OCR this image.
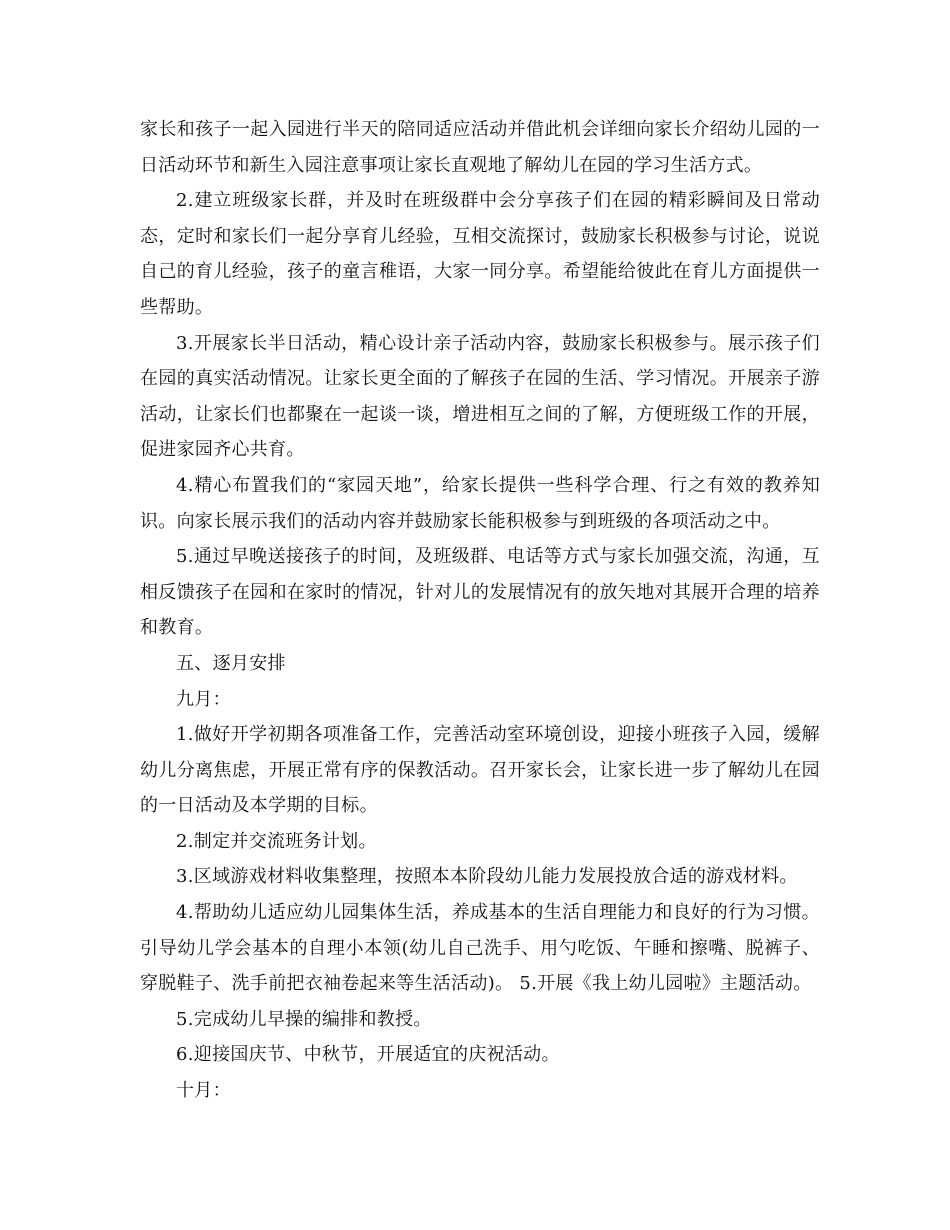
家长和孩子一起入园进行半天的陪同适应活动并借此机会详细向家长介绍幼儿园的一日活动环节和新生入园注意事项让家长直观地了解幼儿在园的学习生活方式。

2.建立班级家长群，并及时在班级群中会分享孩子们在园的精彩瞬间及日常动态，定时和家长们一起分享育儿经验，互相交流探讨，鼓励家长积极参与讨论，说说自己的育儿经验，孩子的童言稚语，大家一同分享。希望能给彼此在育儿方面提供一些帮助。

3.开展家长半日活动，精心设计亲子活动内容，鼓励家长积极参与。展示孩子们在园的真实活动情况。让家长更全面的了解孩子在园的生活、学习情况。开展亲子游活动，让家长们也都聚在一起谈一谈，增进相互之间的了解，方便班级工作的开展，促进家园齐心共育。

4.精心布置我们的“家园天地”，给家长提供一些科学合理、行之有效的教养知识。向家长展示我们的活动内容并鼓励家长能积极参与到班级的各项活动之中。

5.通过早晚送接孩子的时间，及班级群、电话等方式与家长加强交流，沟通，互相反馈孩子在园和在家时的情况，针对儿的发展情况有的放矢地对其展开合理的培养和教育。

五、逐月安排

九月：

1.做好开学初期各项准备工作，完善活动室环境创设，迎接小班孩子入园，缓解幼儿分离焦虑，开展正常有序的保教活动。召开家长会，让家长进一步了解幼儿在园的一日活动及本学期的目标。

2.制定并交流班务计划。

3.区域游戏材料收集整理，按照本本阶段幼儿能力发展投放合适的游戏材料。

4.帮助幼儿适应幼儿园集体生活，养成基本的生活自理能力和良好的行为习惯。引导幼儿学会基本的自理小本领(幼儿自己洗手、用勺吃饭、午睡和擦嘴、脱裤子、穿脱鞋子、洗手前把衣袖卷起来等生活活动)。 5.开展《我上幼儿园啦》主题活动。

5.完成幼儿早操的编排和教授。

6.迎接国庆节、中秋节，开展适宜的庆祝活动。

十月：
